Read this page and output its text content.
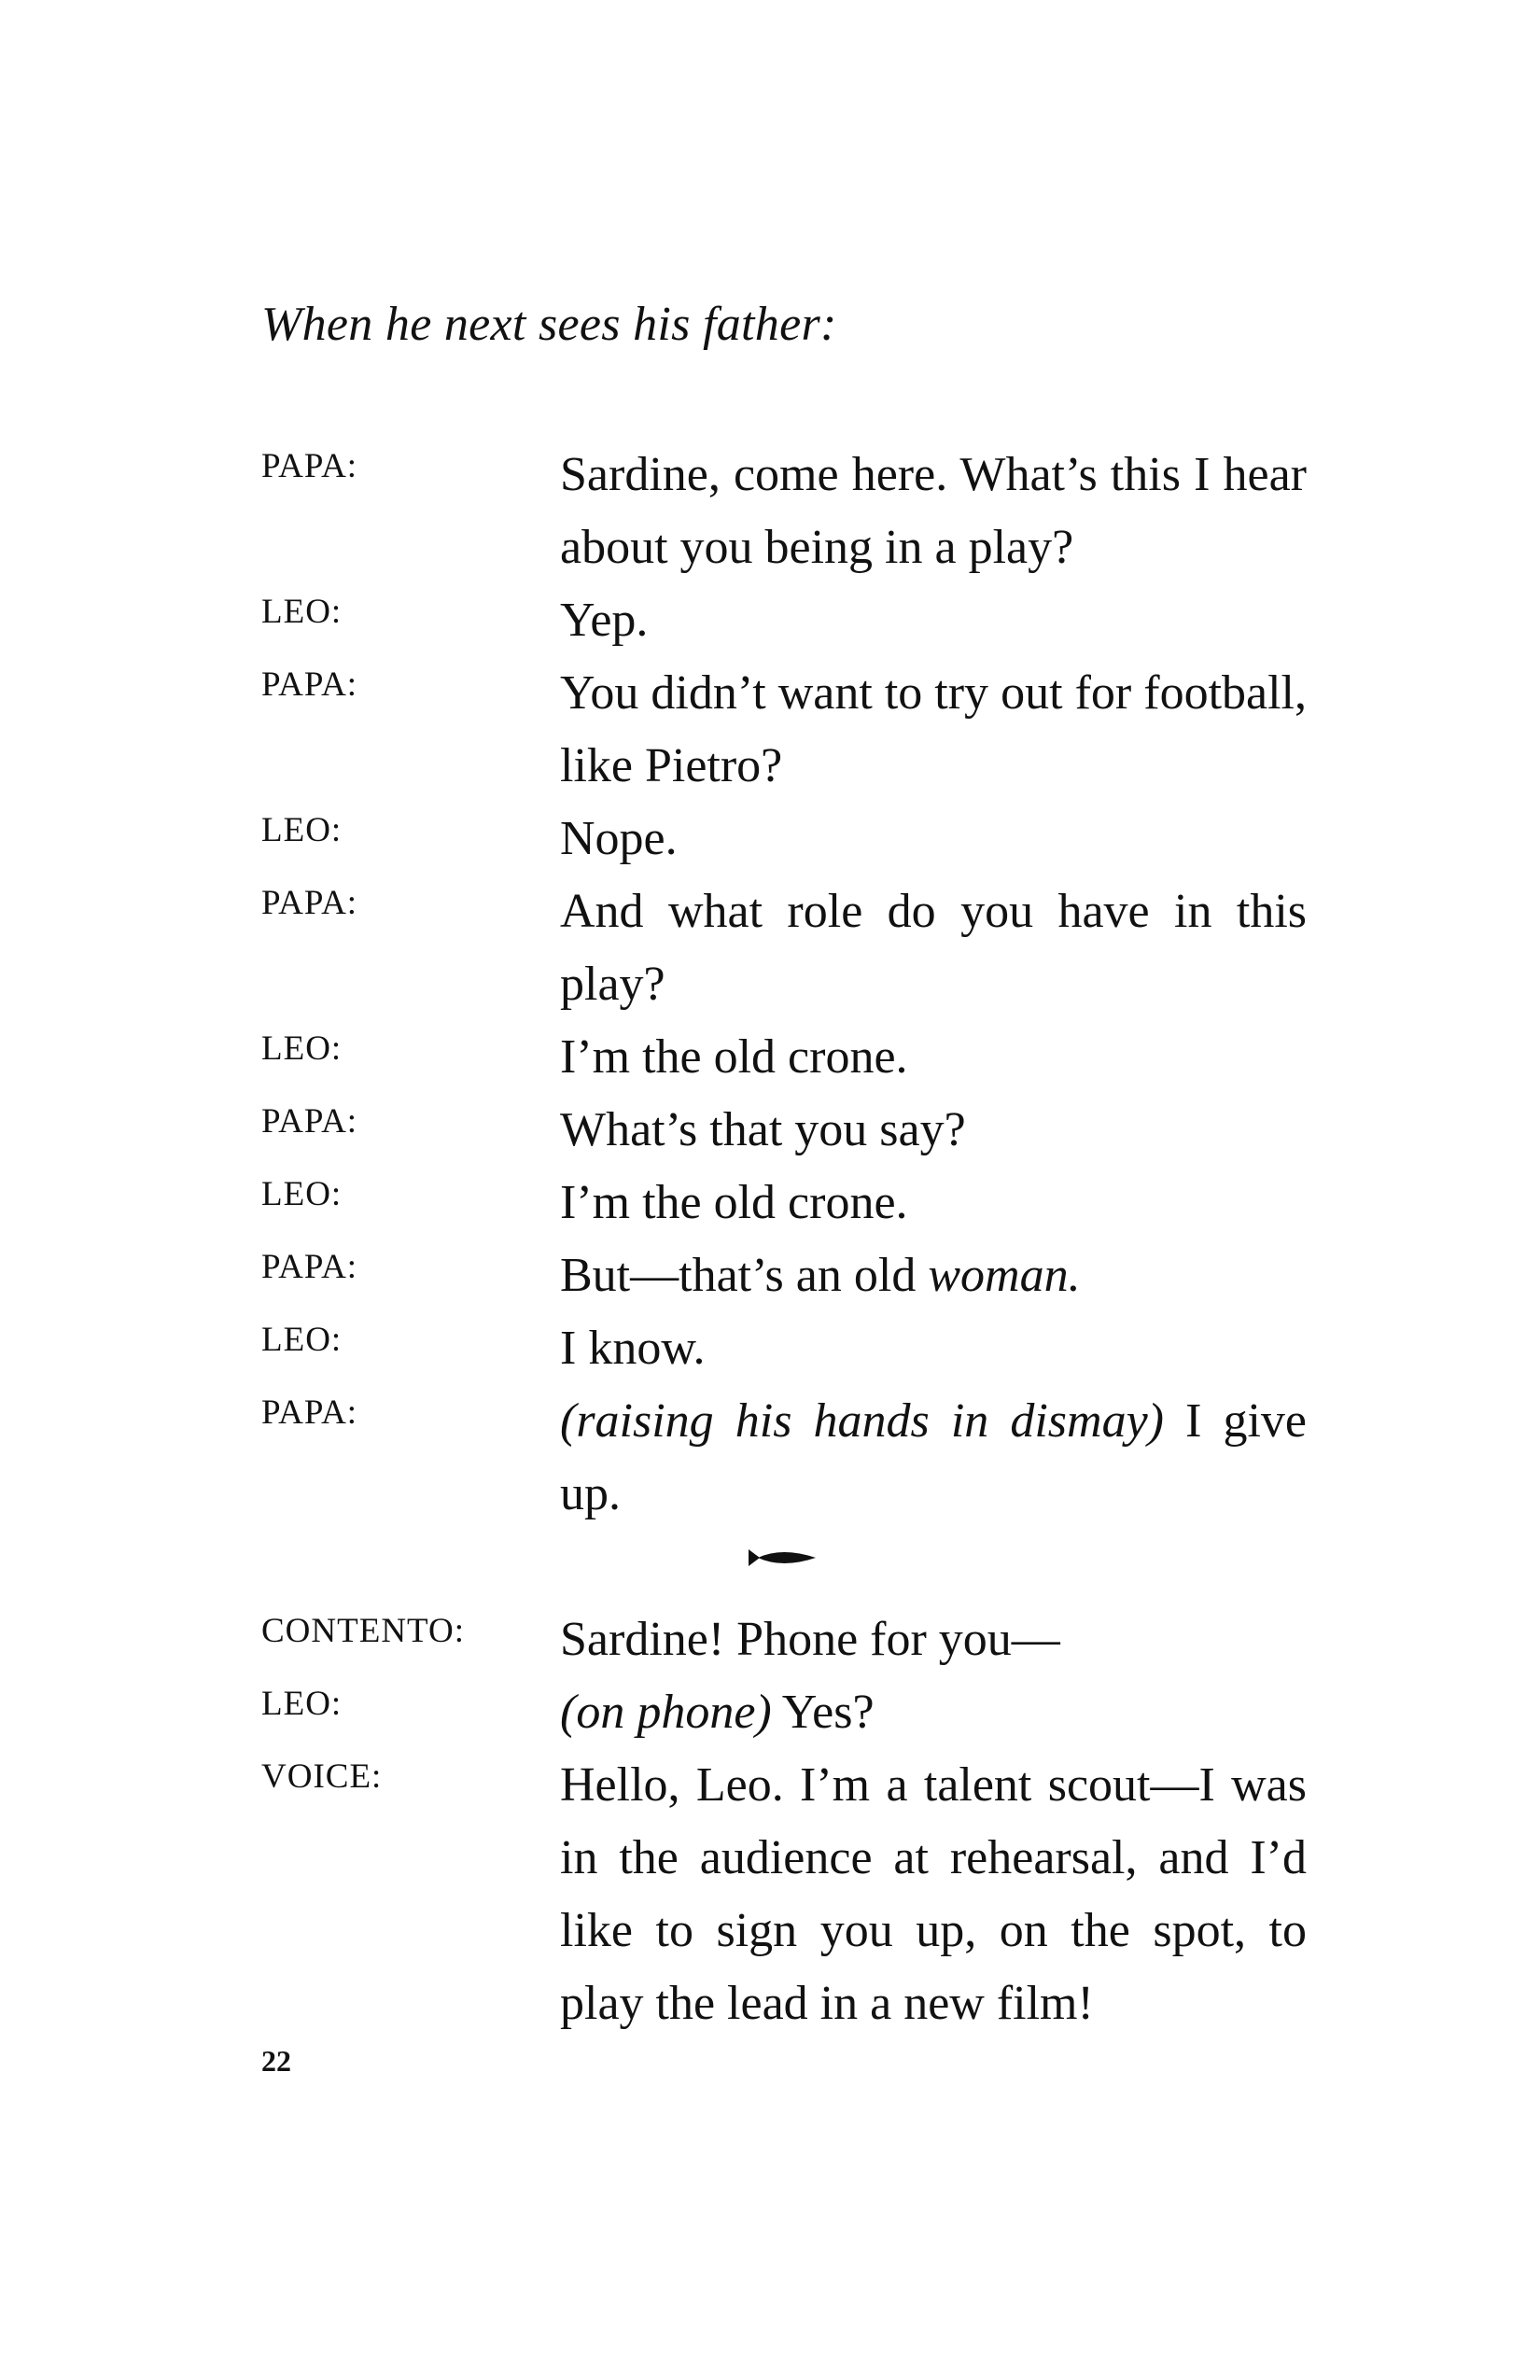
When he next sees his father:
PAPA:	Sardine, come here. What’s this I hear about you being in a play?
LEO:	Yep.
PAPA:	You didn’t want to try out for football, like Pietro?
LEO:	Nope.
PAPA:	And what role do you have in this play?
LEO:	I’m the old crone.
PAPA:	What’s that you say?
LEO:	I’m the old crone.
PAPA:	But—that’s an old woman.
LEO:	I know.
PAPA:	(raising his hands in dismay) I give up.
CONTENTO: Sardine! Phone for you—
LEO:	(on phone) Yes?
VOICE:	Hello, Leo. I’m a talent scout—I was in the audience at rehearsal, and I’d like to sign you up, on the spot, to play the lead in a new film!
22
